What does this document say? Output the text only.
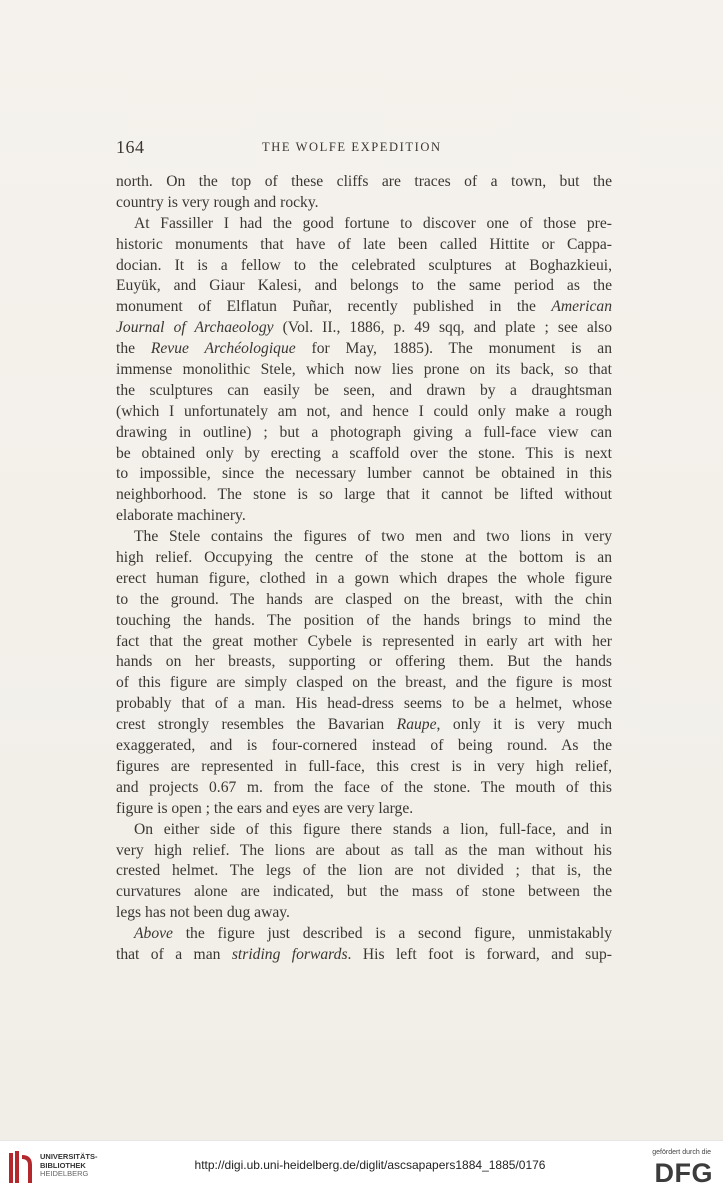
164	THE WOLFE EXPEDITION
north. On the top of these cliffs are traces of a town, but the
country is very rough and rocky.
At Fassiller I had the good fortune to discover one of those pre-
historic monuments that have of late been called Hittite or Cappa-
docian. It is a fellow to the celebrated sculptures at Boghazkieui,
Euyük, and Giaur Kalesi, and belongs to the same period as the
monument of Elflatun Puñar, recently published in the American
Journal of Archaeology (Vol. II., 1886, p. 49 sqq, and plate ; see also
the Revue Archéologique for May, 1885). The monument is an
immense monolithic Stele, which now lies prone on its back, so that
the sculptures can easily be seen, and drawn by a draughtsman
(which I unfortunately am not, and hence I could only make a rough
drawing in outline) ; but a photograph giving a full-face view can
be obtained only by erecting a scaffold over the stone. This is next
to impossible, since the necessary lumber cannot be obtained in this
neighborhood. The stone is so large that it cannot be lifted without
elaborate machinery.
The Stele contains the figures of two men and two lions in very
high relief. Occupying the centre of the stone at the bottom is an
erect human figure, clothed in a gown which drapes the whole figure
to the ground. The hands are clasped on the breast, with the chin
touching the hands. The position of the hands brings to mind the
fact that the great mother Cybele is represented in early art with her
hands on her breasts, supporting or offering them. But the hands
of this figure are simply clasped on the breast, and the figure is most
probably that of a man. His head-dress seems to be a helmet, whose
crest strongly resembles the Bavarian Raupe, only it is very much
exaggerated, and is four-cornered instead of being round. As the
figures are represented in full-face, this crest is in very high relief,
and projects 0.67 m. from the face of the stone. The mouth of this
figure is open ; the ears and eyes are very large.
On either side of this figure there stands a lion, full-face, and in
very high relief. The lions are about as tall as the man without his
crested helmet. The legs of the lion are not divided ; that is, the
curvatures alone are indicated, but the mass of stone between the
legs has not been dug away.
Above the figure just described is a second figure, unmistakably
that of a man striding forwards. His left foot is forward, and sup-
UNIVERSITÄTS-
BIBLIOTHEK
HEIDELBERG
http://digi.ub.uni-heidelberg.de/diglit/ascsapapers1884_1885/0176
gefördert durch die
DFG
